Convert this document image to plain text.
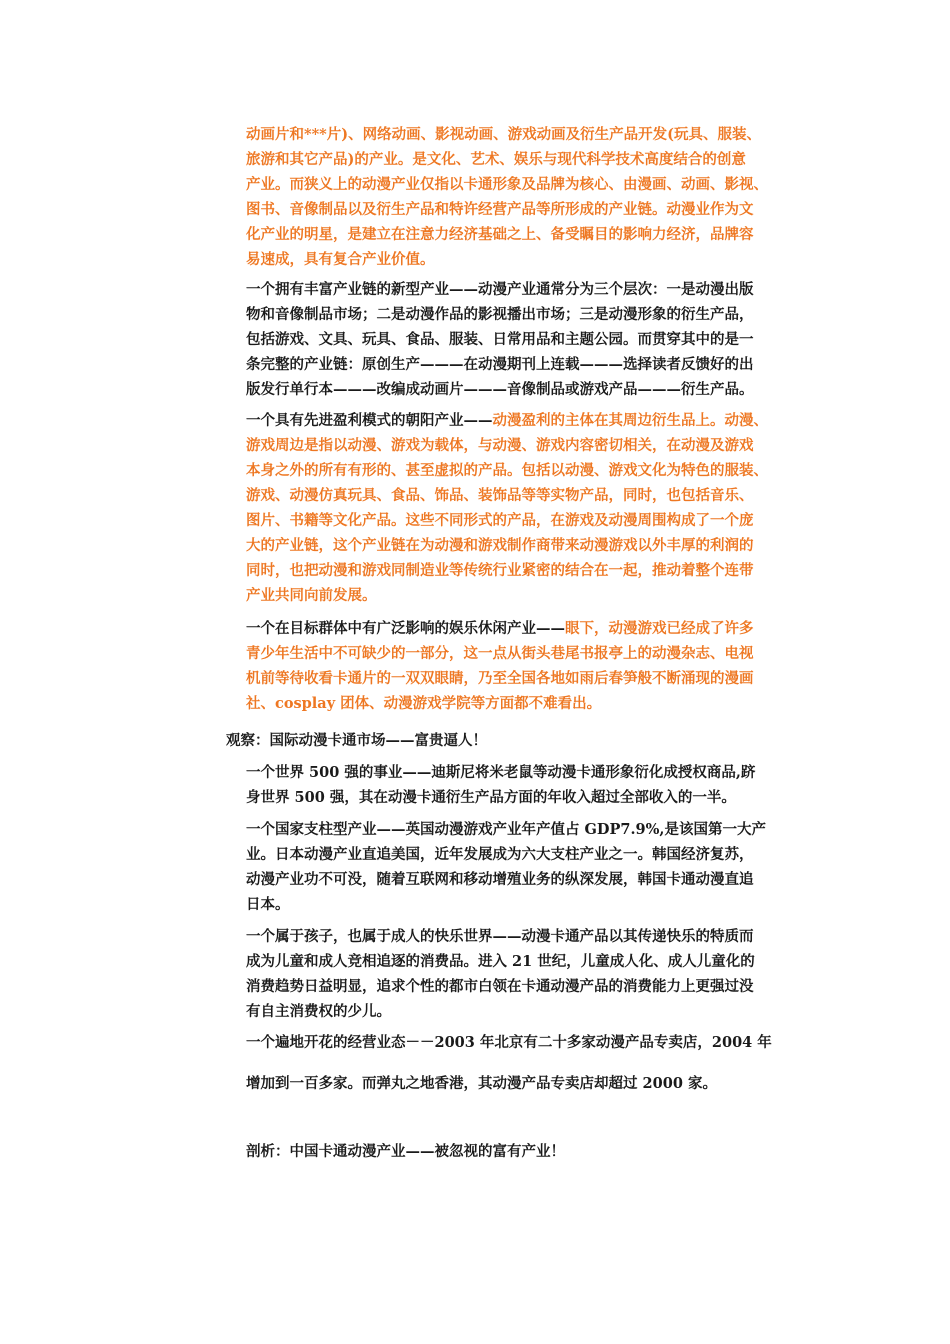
动画片和***片)、网络动画、影视动画、游戏动画及衍生产品开发(玩具、服装、
旅游和其它产品)的产业。是文化、艺术、娱乐与现代科学技术高度结合的创意
产业。而狭义上的动漫产业仅指以卡通形象及品牌为核心、由漫画、动画、影视、
图书、音像制品以及衍生产品和特许经营产品等所形成的产业链。动漫业作为文
化产业的明星，是建立在注意力经济基础之上、备受瞩目的影响力经济，品牌容
易速成，具有复合产业价值。
一个拥有丰富产业链的新型产业——动漫产业通常分为三个层次：一是动漫出版
物和音像制品市场；二是动漫作品的影视播出市场；三是动漫形象的衍生产品，
包括游戏、文具、玩具、食品、服装、日常用品和主题公园。而贯穿其中的是一
条完整的产业链：原创生产———在动漫期刊上连载———选择读者反馈好的出
版发行单行本———改编成动画片———音像制品或游戏产品———衍生产品。
一个具有先进盈利模式的朝阳产业——动漫盈利的主体在其周边衍生品上。动漫、
游戏周边是指以动漫、游戏为载体，与动漫、游戏内容密切相关，在动漫及游戏
本身之外的所有有形的、甚至虚拟的产品。包括以动漫、游戏文化为特色的服装、
游戏、动漫仿真玩具、食品、饰品、装饰品等等实物产品，同时，也包括音乐、
图片、书籍等文化产品。这些不同形式的产品，在游戏及动漫周围构成了一个庞
大的产业链，这个产业链在为动漫和游戏制作商带来动漫游戏以外丰厚的利润的
同时，也把动漫和游戏同制造业等传统行业紧密的结合在一起，推动着整个连带
产业共同向前发展。
一个在目标群体中有广泛影响的娱乐休闲产业——眼下，动漫游戏已经成了许多
青少年生活中不可缺少的一部分，这一点从街头巷尾书报亭上的动漫杂志、电视
机前等待收看卡通片的一双双眼睛，乃至全国各地如雨后春笋般不断涌现的漫画
社、cosplay 团体、动漫游戏学院等方面都不难看出。
观察：国际动漫卡通市场——富贵逼人！
一个世界 500 强的事业——迪斯尼将米老鼠等动漫卡通形象衍化成授权商品,跻
身世界 500 强，其在动漫卡通衍生产品方面的年收入超过全部收入的一半。
一个国家支柱型产业——英国动漫游戏产业年产值占 GDP7.9%,是该国第一大产
业。日本动漫产业直追美国，近年发展成为六大支柱产业之一。韩国经济复苏，
动漫产业功不可没，随着互联网和移动增殖业务的纵深发展，韩国卡通动漫直追
日本。
一个属于孩子，也属于成人的快乐世界——动漫卡通产品以其传递快乐的特质而
成为儿童和成人竞相追逐的消费品。进入 21 世纪，儿童成人化、成人儿童化的
消费趋势日益明显，追求个性的都市白领在卡通动漫产品的消费能力上更强过没
有自主消费权的少儿。
一个遍地开花的经营业态－－2003 年北京有二十多家动漫产品专卖店，2004 年
增加到一百多家。而弹丸之地香港，其动漫产品专卖店却超过 2000 家。
剖析：中国卡通动漫产业——被忽视的富有产业！
